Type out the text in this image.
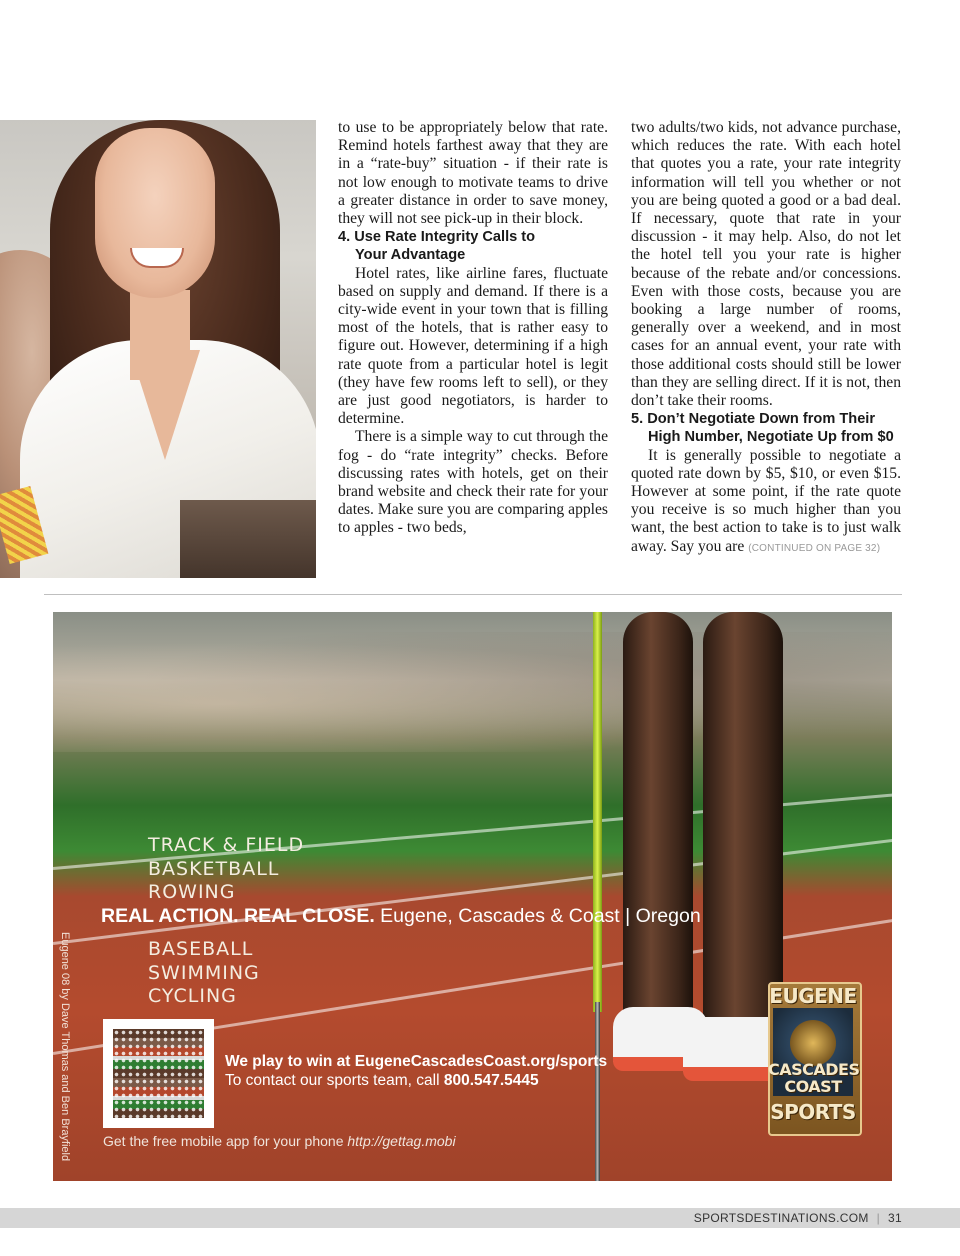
to use to be appropriately below that rate. Remind hotels farthest away that they are in a “rate-buy” situation - if their rate is not low enough to motivate teams to drive a greater distance in order to save money, they will not see pick-up in their block.

4. Use Rate Integrity Calls to
Your Advantage

Hotel rates, like airline fares, fluctuate based on supply and demand. If there is a city-wide event in your town that is filling most of the hotels, that is rather easy to figure out. However, determining if a high rate quote from a particular hotel is legit (they have few rooms left to sell), or they are just good negotiators, is harder to determine.

There is a simple way to cut through the fog - do “rate integrity” checks. Before discussing rates with hotels, get on their brand website and check their rate for your dates. Make sure you are comparing apples to apples - two beds,

two adults/two kids, not advance purchase, which reduces the rate. With each hotel that quotes you a rate, your rate integrity information will tell you whether or not you are being quoted a good or a bad deal. If necessary, quote that rate in your discussion - it may help. Also, do not let the hotel tell you your rate is higher because of the rebate and/or concessions. Even with those costs, because you are booking a large number of rooms, generally over a weekend, and in most cases for an annual event, your rate with those additional costs should still be lower than they are selling direct. If it is not, then don’t take their rooms.

5. Don’t Negotiate Down from Their
High Number, Negotiate Up from $0

It is generally possible to negotiate a quoted rate down by $5, $10, or even $15. However at some point, if the rate quote you receive is so much higher than you want, the best action to take is to just walk away. Say you are (CONTINUED ON PAGE 32)

TRACK & FIELD
BASKETBALL
ROWING
REAL ACTION. REAL CLOSE. Eugene, Cascades & Coast | Oregon
BASEBALL
SWIMMING
CYCLING
Eugene 08 by Dave Thomas and Ben Brayfield	We play to win at EugeneCascadesCoast.org/sports
To contact our sports team, call 800.547.5445
Get the free mobile app for your phone http://gettag.mobi
EUGENE
CASCADES
COAST
SPORTS
SPORTSDESTINATIONS.COM | 31
